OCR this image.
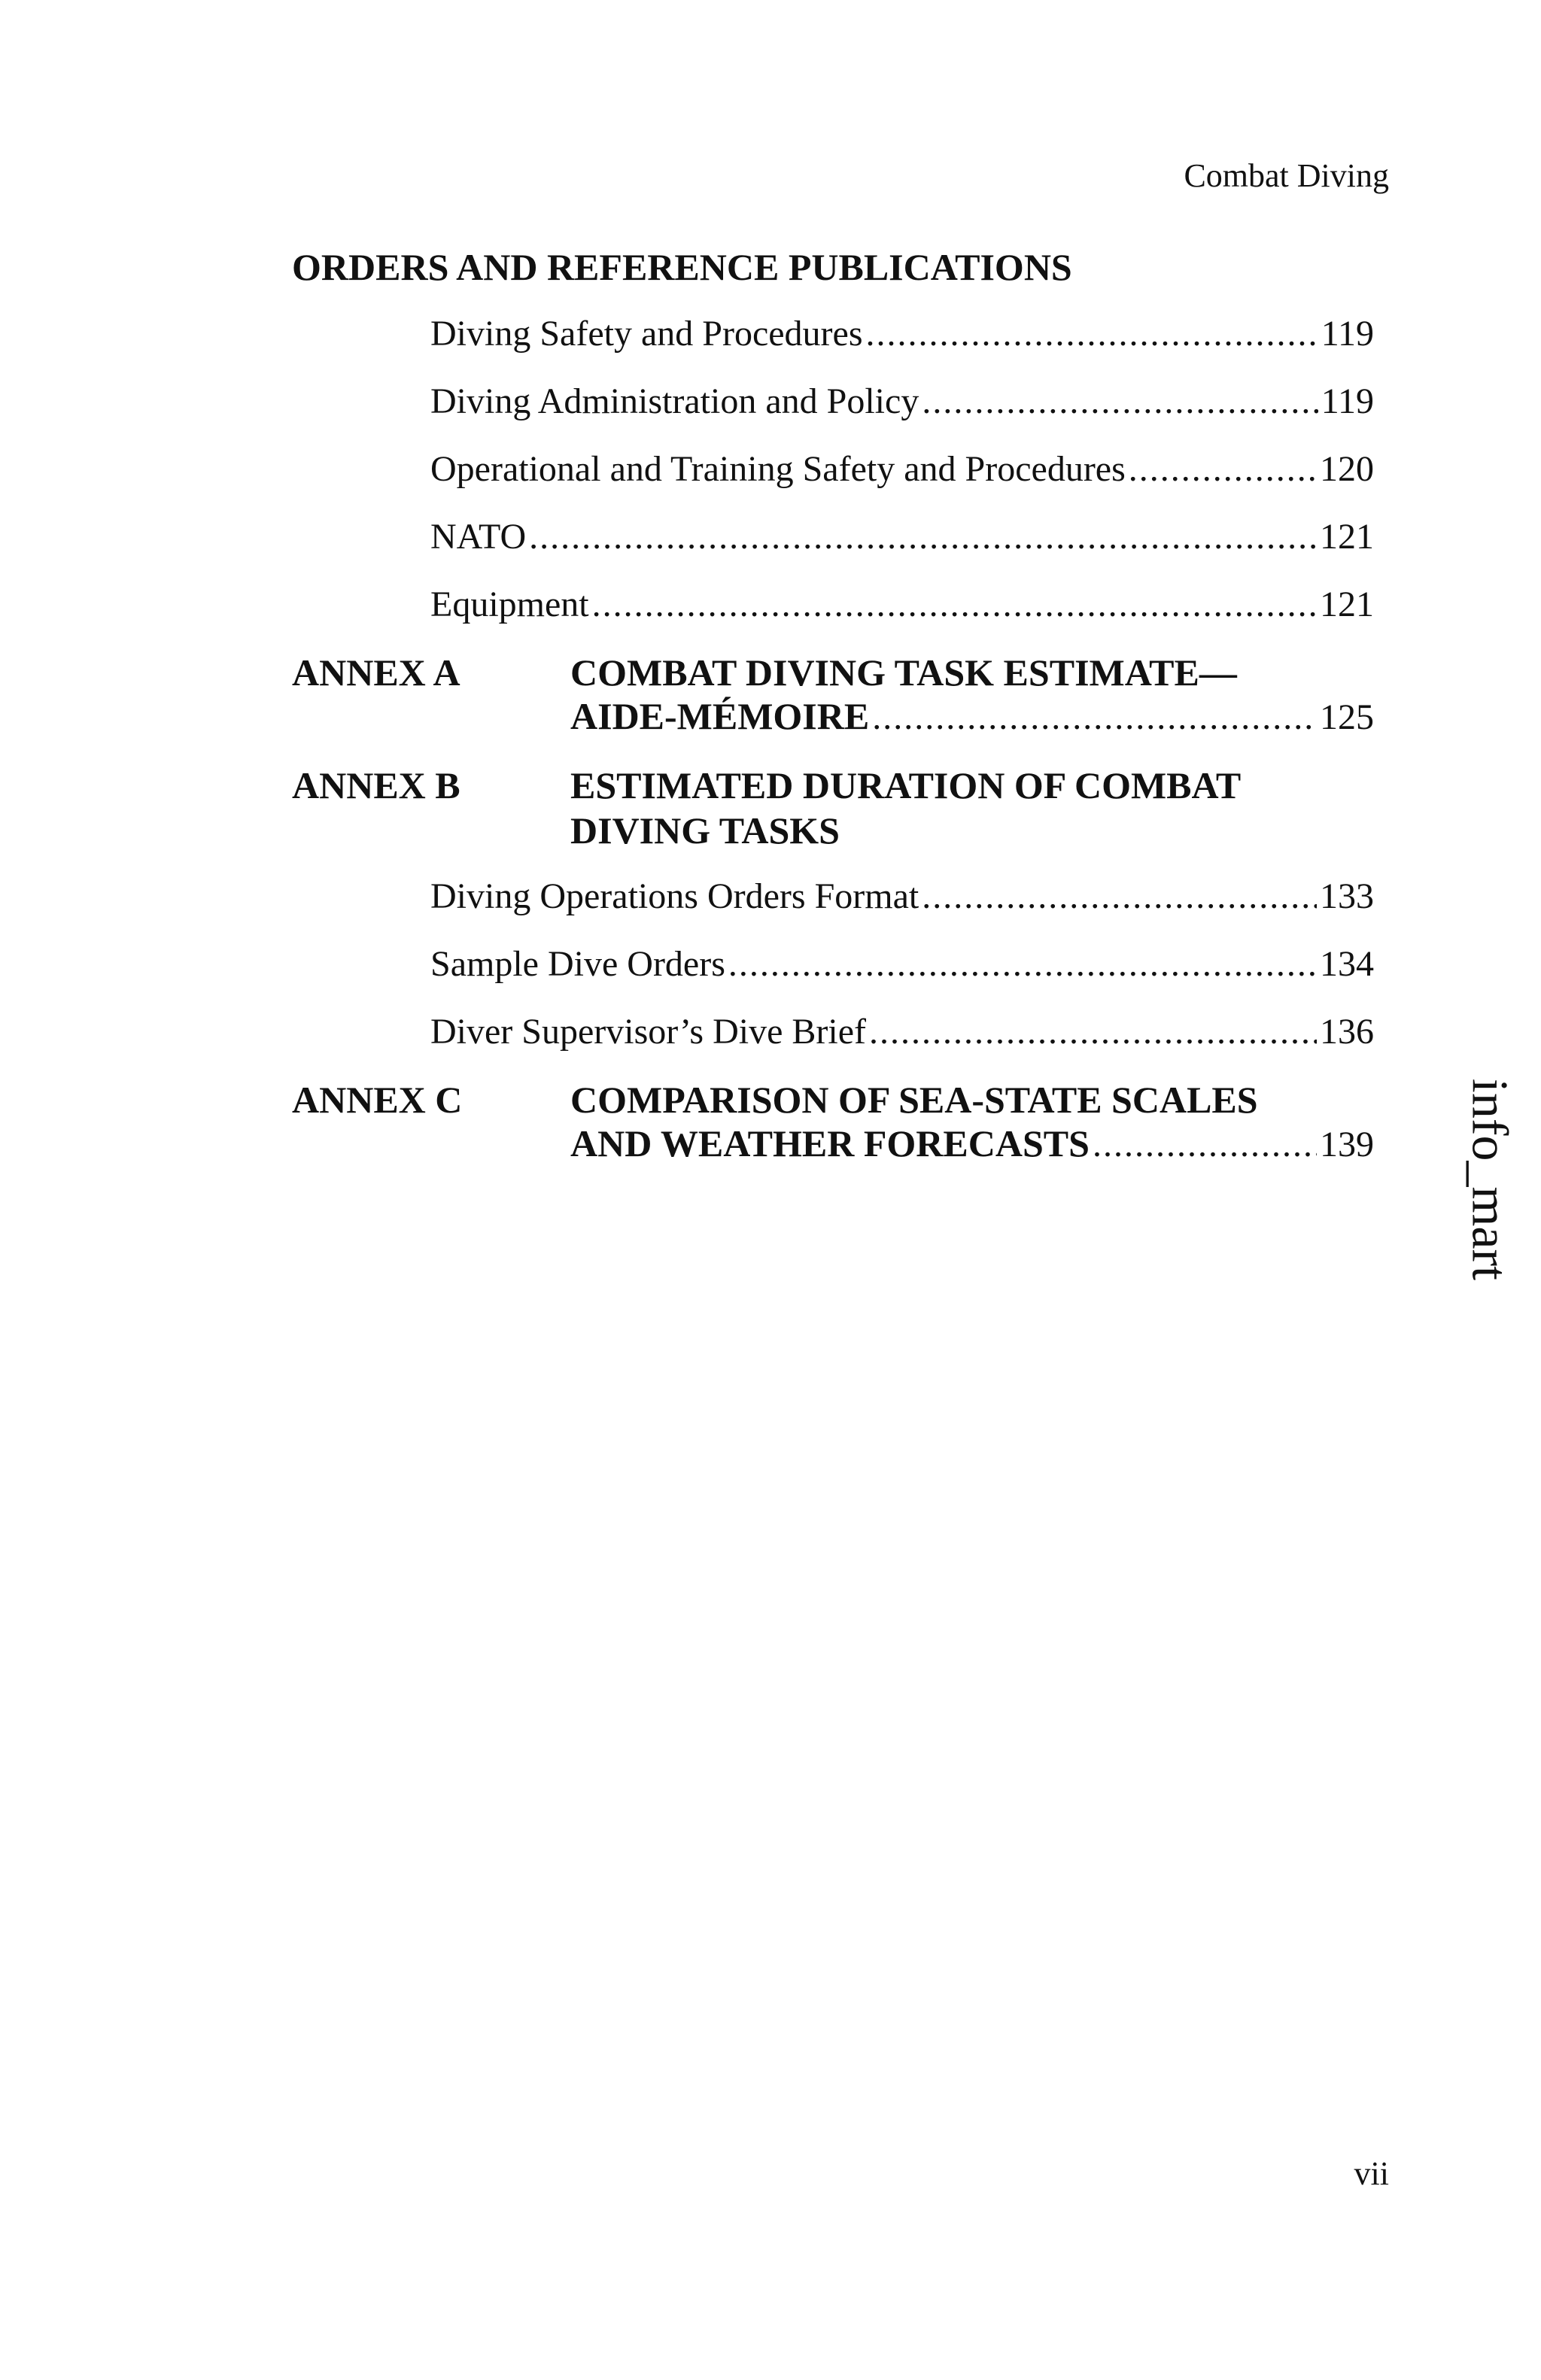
Combat Diving
ORDERS AND REFERENCE PUBLICATIONS
Diving Safety and Procedures .....	119
Diving Administration and Policy .....	119
Operational and Training Safety and Procedures .....	120
NATO .....	121
Equipment .....	121
ANNEX A	COMBAT DIVING TASK ESTIMATE—
AIDE-MÉMOIRE .....	125
ANNEX B	ESTIMATED DURATION OF COMBAT
DIVING TASKS
Diving Operations Orders Format .....	133
Sample Dive Orders .....	134
Diver Supervisor’s Dive Brief .....	136
ANNEX C	COMPARISON OF SEA-STATE SCALES
AND WEATHER FORECASTS .....	139 info_mart
vii
